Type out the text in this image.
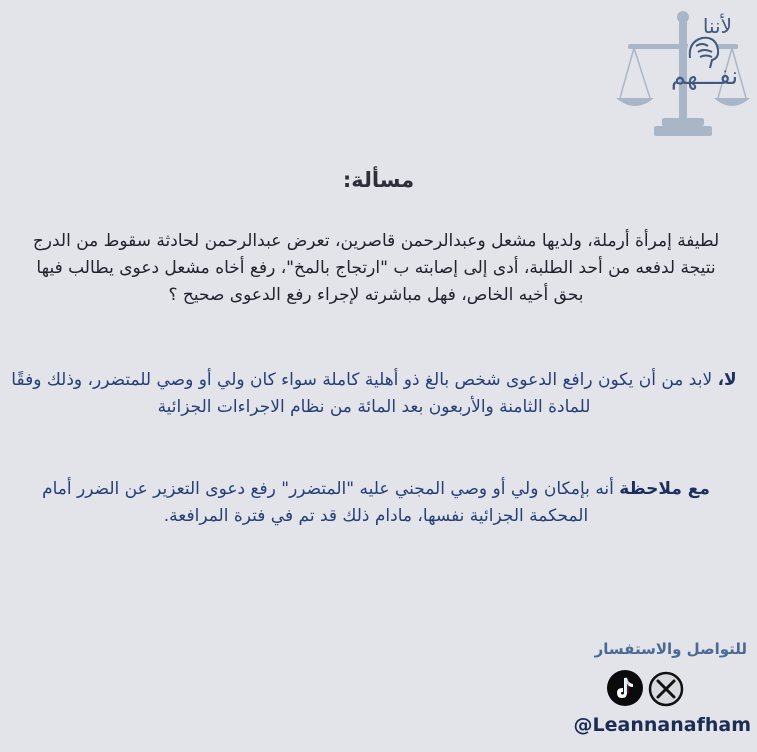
لأننا
نفـــهم
مسألة:
لطيفة إمرأة أرملة، ولديها مشعل وعبدالرحمن قاصرين، تعرض عبدالرحمن لحادثة سقوط من الدرج نتيجة لدفعه من أحد الطلبة، أدى إلى إصابته ب "ارتجاج بالمخ"، رفع أخاه مشعل دعوى يطالب فيها بحق أخيه الخاص، فهل مباشرته لإجراء رفع الدعوى صحيح ؟
لا، لابد من أن يكون رافع الدعوى شخص بالغ ذو أهلية كاملة سواء كان ولي أو وصي للمتضرر، وذلك وفقًا للمادة الثامنة والأربعون بعد المائة من نظام الاجراءات الجزائية
مع ملاحظة أنه بإمكان ولي أو وصي المجني عليه "المتضرر" رفع دعوى التعزير عن الضرر أمام المحكمة الجزائية نفسها، مادام ذلك قد تم في فترة المرافعة.
للتواصل والاستفسار
@Leannanafham
